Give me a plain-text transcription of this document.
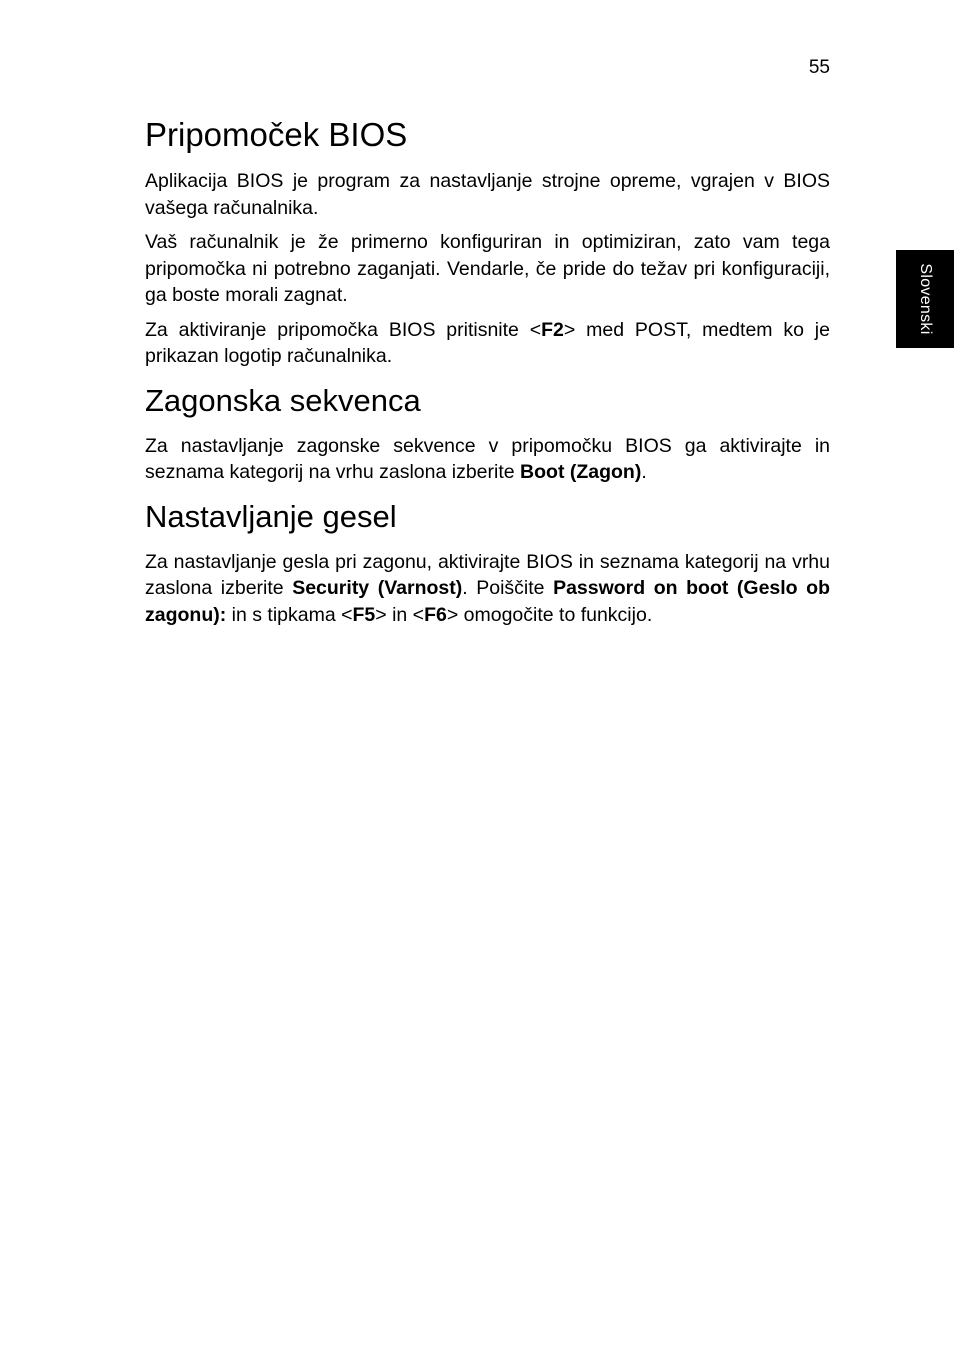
55
Slovenski
Pripomoček BIOS

Aplikacija BIOS je program za nastavljanje strojne opreme, vgrajen v BIOS vašega računalnika.

Vaš računalnik je že primerno konfiguriran in optimiziran, zato vam tega pripomočka ni potrebno zaganjati. Vendarle, če pride do težav pri konfiguraciji, ga boste morali zagnat.

Za aktiviranje pripomočka BIOS pritisnite <F2> med POST, medtem ko je prikazan logotip računalnika.

Zagonska sekvenca

Za nastavljanje zagonske sekvence v pripomočku BIOS ga aktivirajte in seznama kategorij na vrhu zaslona izberite Boot (Zagon).

Nastavljanje gesel

Za nastavljanje gesla pri zagonu, aktivirajte BIOS in seznama kategorij na vrhu zaslona izberite Security (Varnost). Poiščite Password on boot (Geslo ob zagonu): in s tipkama <F5> in <F6> omogočite to funkcijo.
